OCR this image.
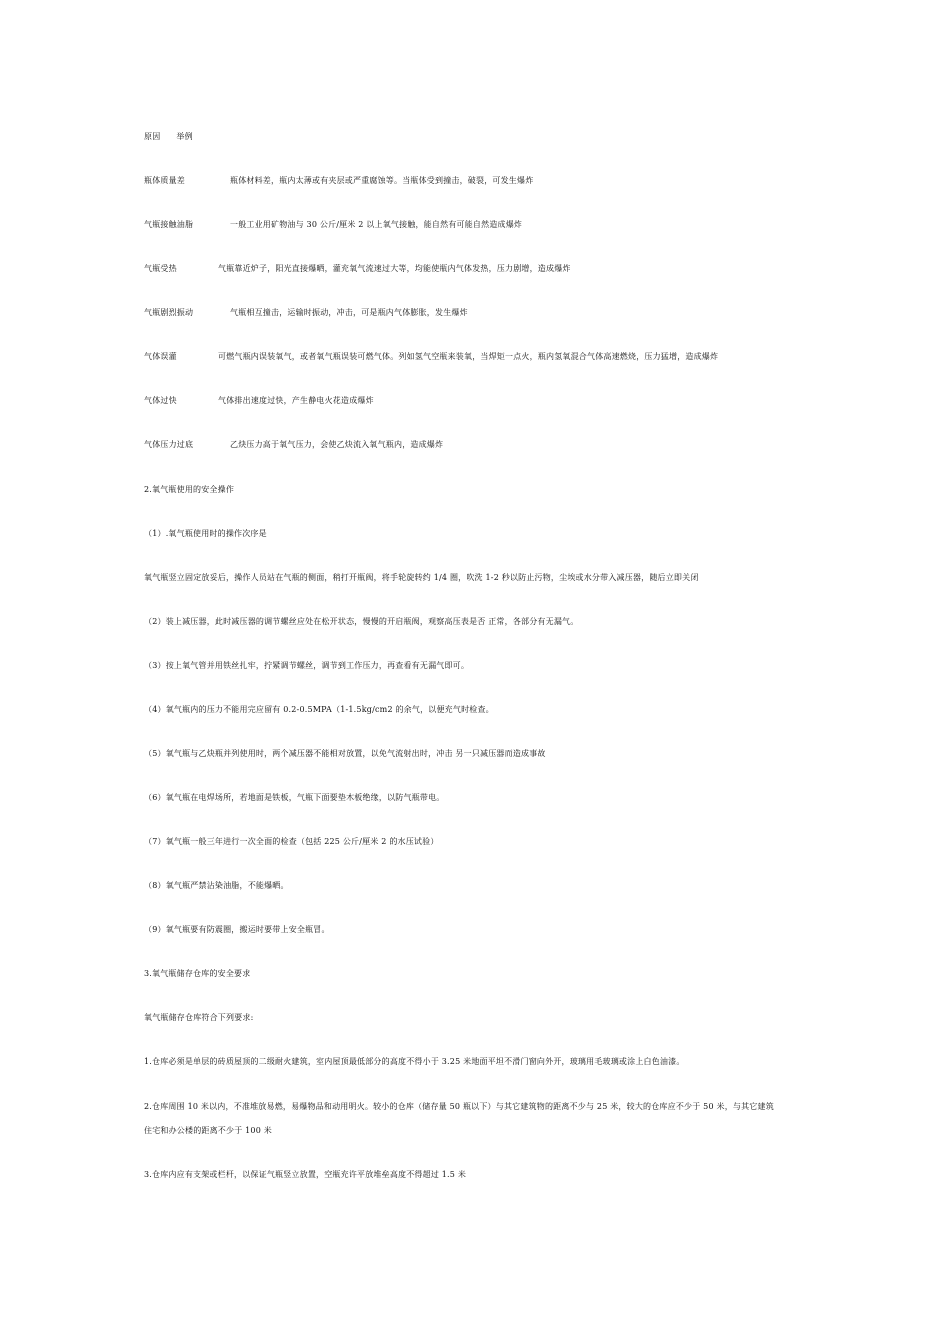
原因 举例
瓶体质量差	瓶体材料差，瓶内太薄或有夹层或严重腐蚀等。当瓶体受到撞击，破裂，可发生爆炸
气瓶接触油脂	一般工业用矿物油与 30 公斤/厘米 2 以上氧气接触，能自然有可能自然造成爆炸
气瓶受热	气瓶靠近炉子，阳光直接爆晒，灌充氧气流速过大等，均能使瓶内气体发热，压力剧增，造成爆炸
气瓶剧烈振动	气瓶相互撞击，运输时振动，冲击，可是瓶内气体膨胀，发生爆炸
气体误灌	可燃气瓶内误装氧气，或者氧气瓶误装可燃气体。列如氢气空瓶来装氧，当焊矩一点火，瓶内氢氧混合气体高速燃烧，压力猛增，造成爆炸
气体过快	气体排出速度过快，产生静电火花造成爆炸
气体压力过底	乙炔压力高于氧气压力，会使乙炔流入氧气瓶内，造成爆炸
2.氧气瓶使用的安全操作
（1）.氧气瓶使用时的操作次序是
氧气瓶竖立固定放妥后，操作人员站在气瓶的侧面，稍打开瓶阀，将手轮旋转约 1/4 圈，吹洗 1-2 秒以防止污物，尘埃或水分带入减压器，随后立即关闭
（2）装上减压器，此时减压器的调节螺丝应处在松开状态，慢慢的开启瓶阀，观察高压表是否 正常，各部分有无漏气。
（3）按上氧气管并用铁丝扎牢，拧紧调节螺丝，调节到工作压力，再查看有无漏气即可。
（4）氧气瓶内的压力不能用完应留有 0.2-0.5MPA（1-1.5kg/cm2 的余气，以便充气时检查。
（5）氧气瓶与乙炔瓶并列使用时，两个减压器不能相对放置，以免气流射出时，冲击 另一只减压器而造成事故
（6）氧气瓶在电焊场所，若地面是铁板，气瓶下面要垫木板绝缘，以防气瓶带电。
（7）氧气瓶一般三年进行一次全面的检查（包括 225 公斤/厘米 2 的水压试验）
（8）氧气瓶严禁沾染油脂，不能爆晒。
（9）氧气瓶要有防震圈，搬运时要带上安全瓶冒。
3.氧气瓶储存仓库的安全要求
氧气瓶储存仓库符合下列要求:
1.仓库必须是单层的砖质屋顶的二级耐火建筑，室内屋顶最低部分的高度不得小于 3.25 米地面平坦不滑门窗向外开，玻璃用毛玻璃或涂上白色油漆。
2.仓库周围 10 米以内，不准堆放易燃，易爆物品和动用明火。较小的仓库（储存量 50 瓶以下）与其它建筑物的距离不少与 25 米，较大的仓库应不少于 50 米，与其它建筑
住宅和办公楼的距离不少于 100 米
3.仓库内应有支架或栏杆，以保证气瓶竖立放置，空瓶充许平放堆垒高度不得超过 1.5 米
